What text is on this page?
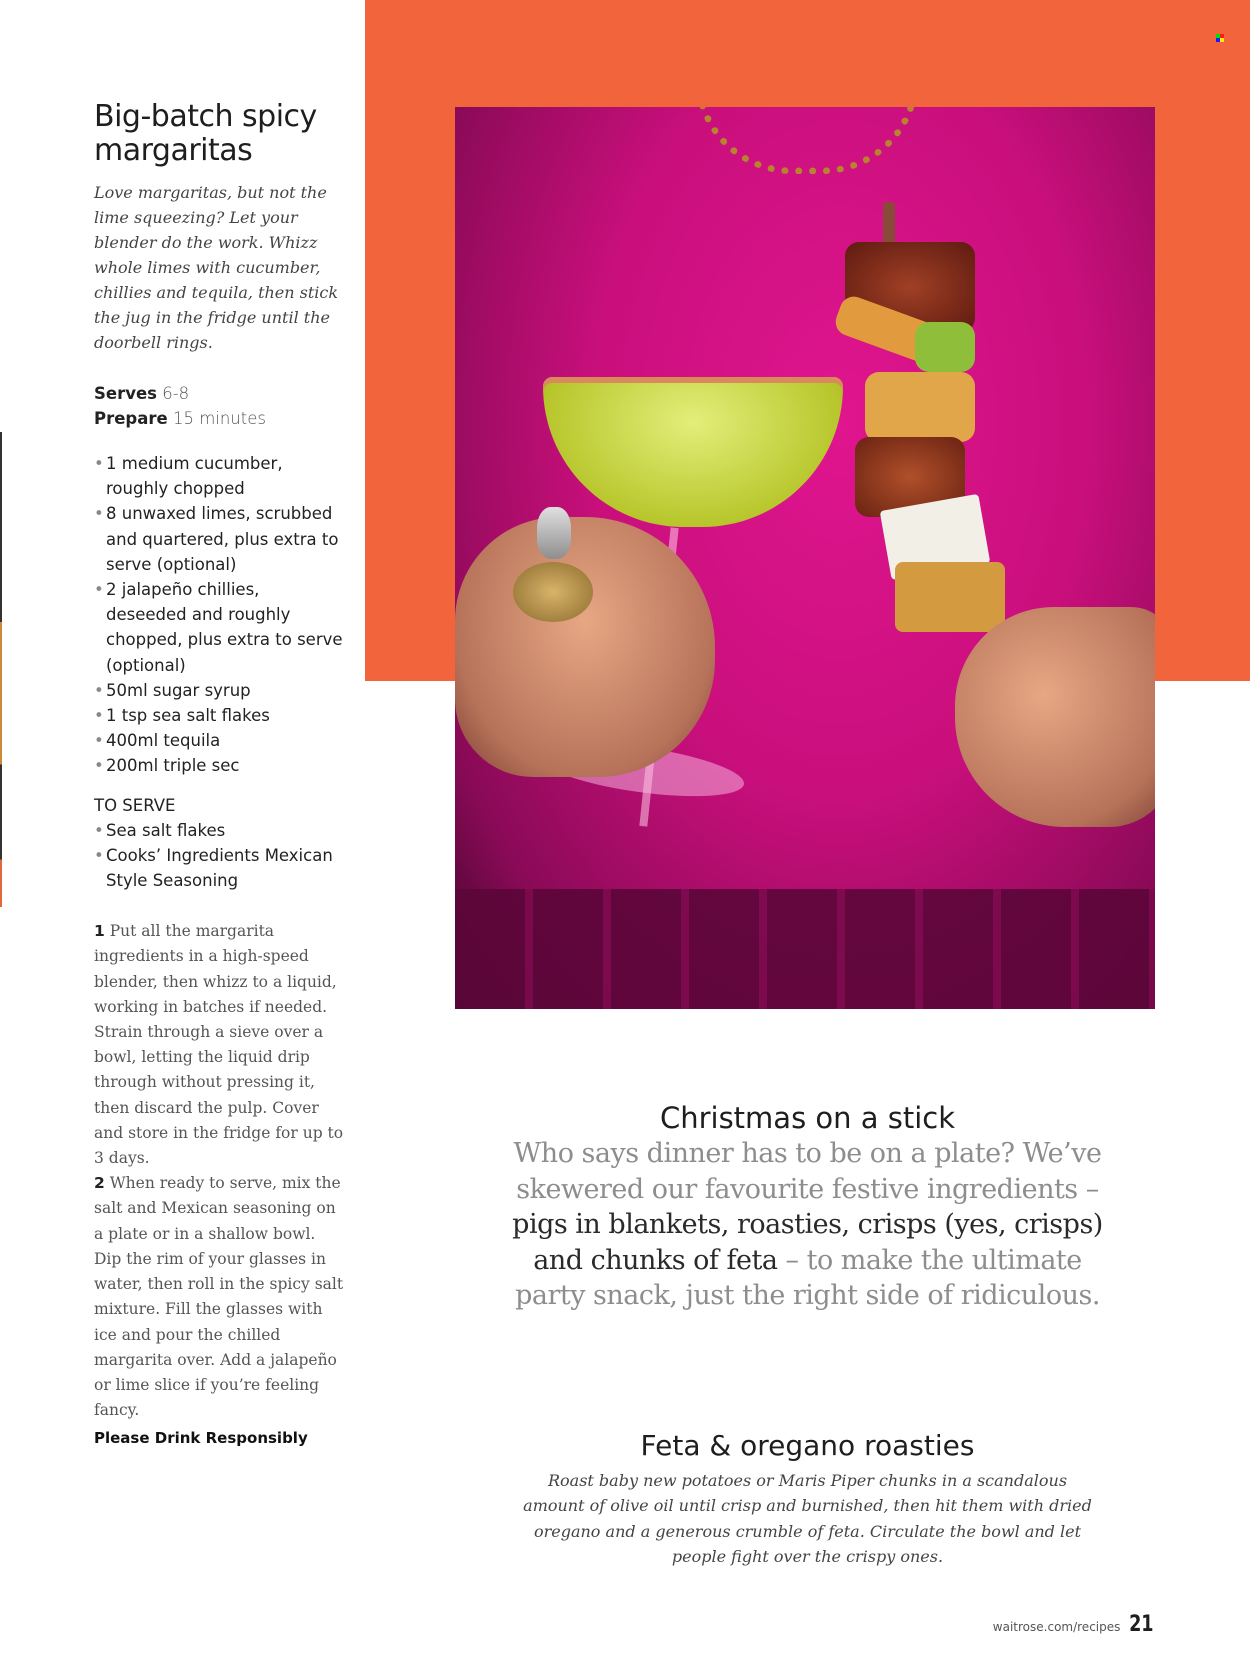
Big-batch spicy margaritas

Love margaritas, but not the lime squeezing? Let your blender do the work. Whizz whole limes with cucumber, chillies and tequila, then stick the jug in the fridge until the doorbell rings.

Serves 6-8
Prepare 15 minutes
• 1 medium cucumber, roughly chopped
• 8 unwaxed limes, scrubbed and quartered, plus extra to serve (optional)
• 2 jalapeño chillies, deseeded and roughly chopped, plus extra to serve (optional)
• 50ml sugar syrup
• 1 tsp sea salt flakes
• 400ml tequila
• 200ml triple sec
TO SERVE
• Sea salt flakes
• Cooks’ Ingredients Mexican Style Seasoning

1 Put all the margarita ingredients in a high-speed blender, then whizz to a liquid, working in batches if needed. Strain through a sieve over a bowl, letting the liquid drip through without pressing it, then discard the pulp. Cover and store in the fridge for up to 3 days.

2 When ready to serve, mix the salt and Mexican seasoning on a plate or in a shallow bowl. Dip the rim of your glasses in water, then roll in the spicy salt mixture. Fill the glasses with ice and pour the chilled margarita over. Add a jalapeño or lime slice if you’re feeling fancy.

Please Drink Responsibly
Christmas on a stick

Who says dinner has to be on a plate? We’ve skewered our favourite festive ingredients – pigs in blankets, roasties, crisps (yes, crisps) and chunks of feta – to make the ultimate party snack, just the right side of ridiculous.

Feta & oregano roasties

Roast baby new potatoes or Maris Piper chunks in a scandalous amount of olive oil until crisp and burnished, then hit them with dried oregano and a generous crumble of feta. Circulate the bowl and let people fight over the crispy ones.

waitrose.com/recipes 21
